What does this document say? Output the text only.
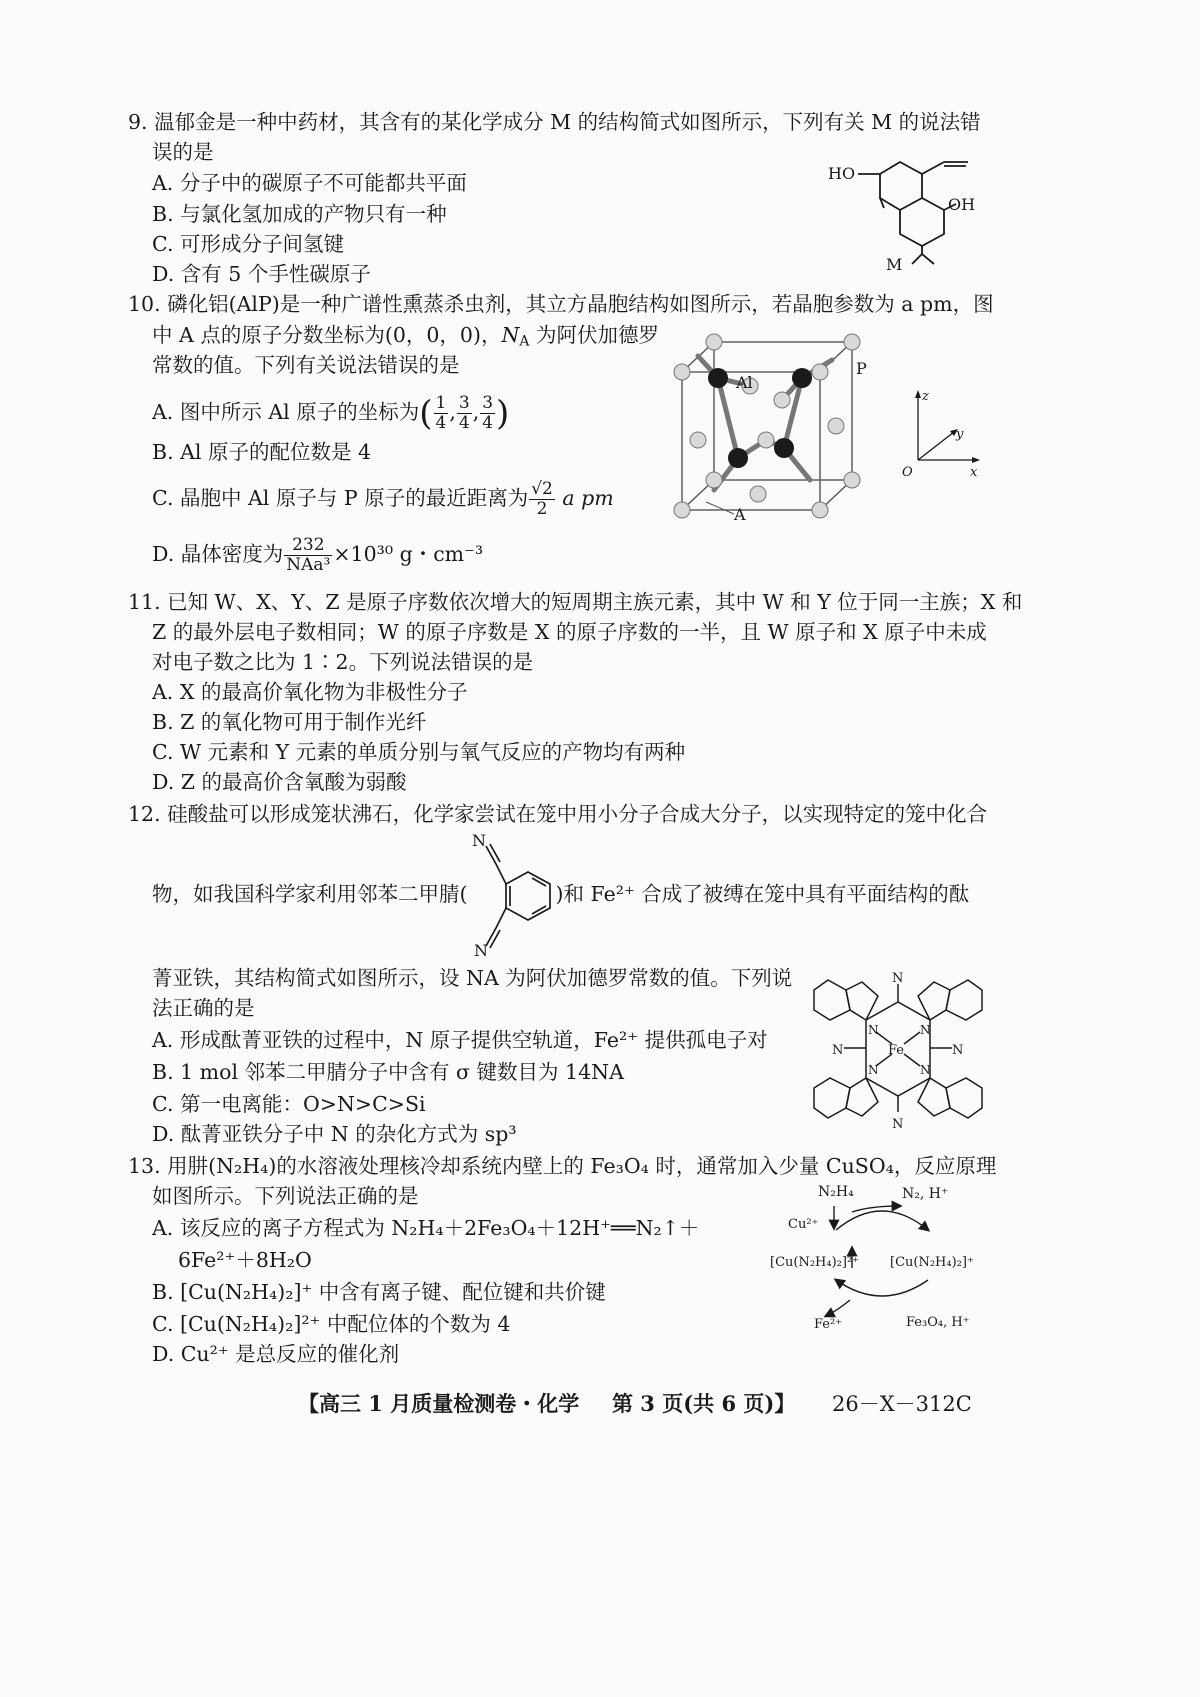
9. 温郁金是一种中药材，其含有的某化学成分 M 的结构简式如图所示，下列有关 M 的说法错
误的是
A. 分子中的碳原子不可能都共平面
B. 与氯化氢加成的产物只有一种
C. 可形成分子间氢键
D. 含有 5 个手性碳原子
HO
OH
M
10. 磷化铝(AlP)是一种广谱性熏蒸杀虫剂，其立方晶胞结构如图所示，若晶胞参数为 a pm，图
中 A 点的原子分数坐标为(0，0，0)，$N_A$ 为阿伏加德罗
常数的值。下列有关说法错误的是
A. 图中所示 Al 原子的坐标为( $\frac{1}{4}$ , $\frac{3}{4}$ , $\frac{3}{4}$ )
B. Al 原子的配位数是 4
C. 晶胞中 Al 原子与 P 原子的最近距离为 $\frac{√2}{2}$ a pm
D. 晶体密度为 $\frac{232}{\text{NAa³}} \times 10^{30}$ g・cm⁻³
Al
P
A
z
y
x
O
11. 已知 W、X、Y、Z 是原子序数依次增大的短周期主族元素，其中 W 和 Y 位于同一主族；X 和
Z 的最外层电子数相同；W 的原子序数是 X 的原子序数的一半，且 W 原子和 X 原子中未成
对电子数之比为 1∶2。下列说法错误的是
A. X 的最高价氧化物为非极性分子
B. Z 的氧化物可用于制作光纤
C. W 元素和 Y 元素的单质分别与氧气反应的产物均有两种
D. Z 的最高价含氧酸为弱酸
12. 硅酸盐可以形成笼状沸石，化学家尝试在笼中用小分子合成大分子，以实现特定的笼中化合
物，如我国科学家利用邻苯二甲腈(	)和 Fe²⁺ 合成了被缚在笼中具有平面结构的酞
N
N
菁亚铁，其结构简式如图所示，设 NA 为阿伏加德罗常数的值。下列说
法正确的是
A. 形成酞菁亚铁的过程中，N 原子提供空轨道，Fe²⁺ 提供孤电子对
B. 1 mol 邻苯二甲腈分子中含有 σ 键数目为 14NA
C. 第一电离能：O>N>C>Si
D. 酞菁亚铁分子中 N 的杂化方式为 sp³
N
N
N	N
N	N
N	N
Fe
13. 用肼(N₂H₄)的水溶液处理核冷却系统内壁上的 Fe₃O₄ 时，通常加入少量 CuSO₄，反应原理
如图所示。下列说法正确的是
A. 该反应的离子方程式为 N₂H₄＋2Fe₃O₄＋12H⁺══N₂↑＋
6Fe²⁺＋8H₂O
B. [Cu(N₂H₄)₂]⁺ 中含有离子键、配位键和共价键
C. [Cu(N₂H₄)₂]²⁺ 中配位体的个数为 4
D. Cu²⁺ 是总反应的催化剂
N₂H₄	N₂, H⁺
Cu²⁺
[Cu(N₂H₄)₂]²⁺ [Cu(N₂H₄)₂]⁺
Fe²⁺	Fe₃O₄, H⁺
【高三 1 月质量检测卷・化学 第 3 页(共 6 页)】 26－X－312C
